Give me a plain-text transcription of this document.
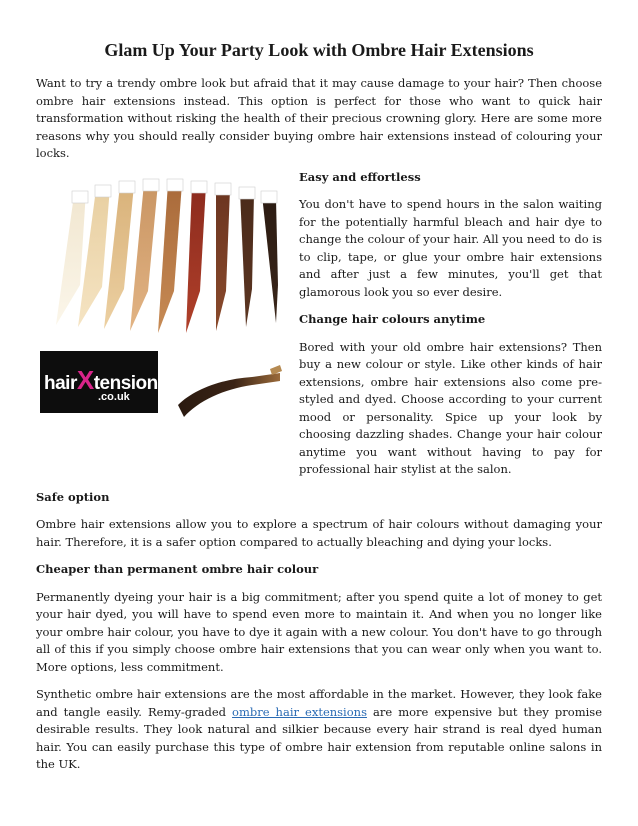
Glam Up Your Party Look with Ombre Hair Extensions

Want to try a trendy ombre look but afraid that it may cause damage to your hair? Then choose ombre hair extensions instead. This option is perfect for those who want to quick hair transformation without risking the health of their precious crowning glory. Here are some more reasons why you should really consider buying ombre hair extensions instead of colouring your locks.

hairXtensions
.co.uk

Easy and effortless

You don't have to spend hours in the salon waiting for the potentially harmful bleach and hair dye to change the colour of your hair. All you need to do is to clip, tape, or glue your ombre hair extensions and after just a few minutes, you'll get that glamorous look you so ever desire.

Change hair colours anytime

Bored with your old ombre hair extensions? Then buy a new colour or style. Like other kinds of hair extensions, ombre hair extensions also come pre-styled and dyed. Choose according to your current mood or personality. Spice up your look by choosing dazzling shades. Change your hair colour anytime you want without having to pay for professional hair stylist at the salon.

Safe option

Ombre hair extensions allow you to explore a spectrum of hair colours without damaging your hair. Therefore, it is a safer option compared to actually bleaching and dying your locks.

Cheaper than permanent ombre hair colour

Permanently dyeing your hair is a big commitment; after you spend quite a lot of money to get your hair dyed, you will have to spend even more to maintain it. And when you no longer like your ombre hair colour, you have to dye it again with a new colour. You don't have to go through all of this if you simply choose ombre hair extensions that you can wear only when you want to. More options, less commitment.

Synthetic ombre hair extensions are the most affordable in the market. However, they look fake and tangle easily. Remy-graded ombre hair extensions are more expensive but they promise desirable results. They look natural and silkier because every hair strand is real dyed human hair. You can easily purchase this type of ombre hair extension from reputable online salons in the UK.
